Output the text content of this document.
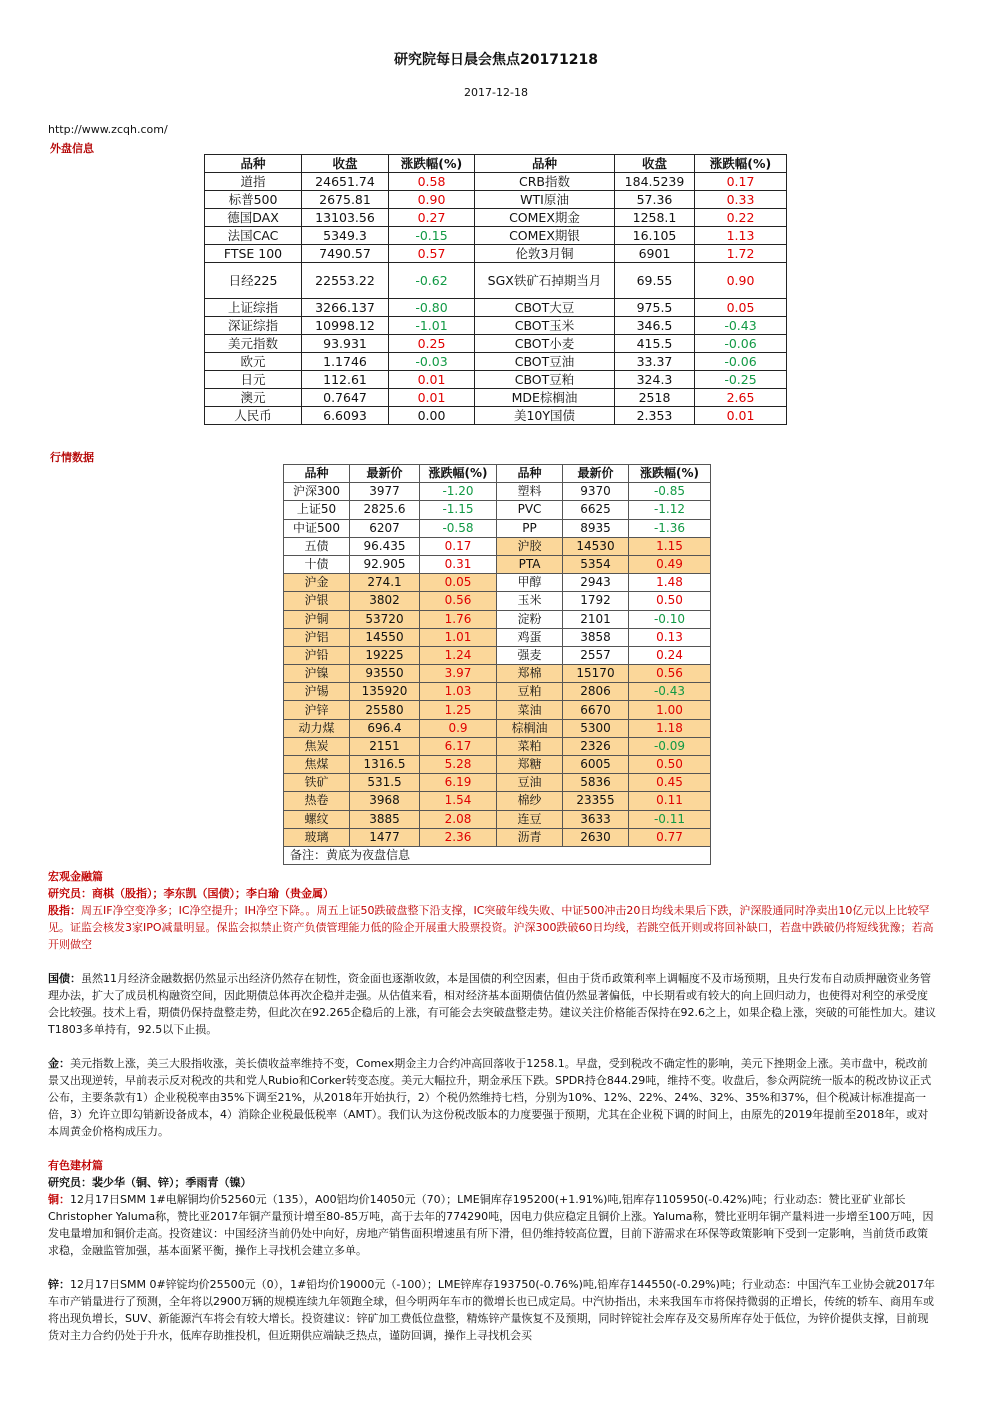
研究院每日晨会焦点20171218
2017-12-18
http://www.zcqh.com/
外盘信息
品种	收盘	涨跌幅(%)	品种	收盘	涨跌幅(%)
道指	24651.74	0.58	CRB指数	184.5239	0.17
标普500	2675.81	0.90	WTI原油	57.36	0.33
德国DAX	13103.56	0.27	COMEX期金	1258.1	0.22
法国CAC	5349.3	-0.15	COMEX期银	16.105	1.13
FTSE 100	7490.57	0.57	伦敦3月铜	6901	1.72
日经225	22553.22	-0.62	SGX铁矿石掉期当月	69.55	0.90
上证综指	3266.137	-0.80	CBOT大豆	975.5	0.05
深证综指	10998.12	-1.01	CBOT玉米	346.5	-0.43
美元指数	93.931	0.25	CBOT小麦	415.5	-0.06
欧元	1.1746	-0.03	CBOT豆油	33.37	-0.06
日元	112.61	0.01	CBOT豆粕	324.3	-0.25
澳元	0.7647	0.01	MDE棕榈油	2518	2.65
人民币	6.6093	0.00	美10Y国债	2.353	0.01
行情数据
品种	最新价	涨跌幅(%)	品种	最新价	涨跌幅(%)
沪深300	3977	-1.20	塑料	9370	-0.85
上证50	2825.6	-1.15	PVC	6625	-1.12
中证500	6207	-0.58	PP	8935	-1.36
五债	96.435	0.17	沪胶	14530	1.15
十债	92.905	0.31	PTA	5354	0.49
沪金	274.1	0.05	甲醇	2943	1.48
沪银	3802	0.56	玉米	1792	0.50
沪铜	53720	1.76	淀粉	2101	-0.10
沪铝	14550	1.01	鸡蛋	3858	0.13
沪铅	19225	1.24	强麦	2557	0.24
沪镍	93550	3.97	郑棉	15170	0.56
沪锡	135920	1.03	豆粕	2806	-0.43
沪锌	25580	1.25	菜油	6670	1.00
动力煤	696.4	0.9	棕榈油	5300	1.18
焦炭	2151	6.17	菜粕	2326	-0.09
焦煤	1316.5	5.28	郑糖	6005	0.50
铁矿	531.5	6.19	豆油	5836	0.45
热卷	3968	1.54	棉纱	23355	0.11
螺纹	3885	2.08	连豆	3633	-0.11
玻璃	1477	2.36	沥青	2630	0.77
备注：黄底为夜盘信息					

宏观金融篇

研究员：商棋（股指）；李东凯（国债）；李白瑜（贵金属）

股指：周五IF净空变净多；IC净空提升；IH净空下降。。周五上证50跌破盘整下沿支撑，IC突破年线失败、中证500冲击20日均线未果后下跌，沪深股通同时净卖出10亿元以上比较罕见。证监会核发3家IPO减量明显。保监会拟禁止资产负债管理能力低的险企开展重大股票投资。沪深300跌破60日均线，若跳空低开则或将回补缺口，若盘中跌破仍将短线犹豫；若高开则做空

国债：虽然11月经济金融数据仍然显示出经济仍然存在韧性，资金面也逐渐收敛，本是国债的利空因素，但由于货币政策利率上调幅度不及市场预期，且央行发布自动质押融资业务管理办法，扩大了成员机构融资空间，因此期债总体再次企稳并走强。从估值来看，相对经济基本面期债估值仍然显著偏低，中长期看或有较大的向上回归动力，也使得对利空的承受度会比较强。技术上看，期债仍保持盘整走势，但此次在92.265企稳后的上涨，有可能会去突破盘整走势。建议关注价格能否保持在92.6之上，如果企稳上涨，突破的可能性加大。建议T1803多单持有，92.5以下止损。

金：美元指数上涨，美三大股指收涨，美长债收益率维持不变，Comex期金主力合约冲高回落收于1258.1。早盘，受到税改不确定性的影响，美元下挫期金上涨。美市盘中，税改前景又出现逆转，早前表示反对税改的共和党人Rubio和Corker转变态度。美元大幅拉升，期金承压下跌。SPDR持仓844.29吨，维持不变。收盘后，参众两院统一版本的税改协议正式公布，主要条款有1）企业税税率由35%下调至21%，从2018年开始执行，2）个税仍然维持七档，分别为10%、12%、22%、24%、32%、35%和37%，但个税减计标准提高一倍，3）允许立即勾销新设备成本，4）消除企业税最低税率（AMT）。我们认为这份税改版本的力度要强于预期，尤其在企业税下调的时间上，由原先的2019年提前至2018年，或对本周黄金价格构成压力。

有色建材篇

研究员：裴少华（铜、锌）；季雨青（镍）

铜：12月17日SMM 1#电解铜均价52560元（135），A00铝均价14050元（70）；LME铜库存195200(+1.91%)吨,铝库存1105950(-0.42%)吨；行业动态：赞比亚矿业部长Christopher Yaluma称，赞比亚2017年铜产量预计增至80-85万吨，高于去年的774290吨，因电力供应稳定且铜价上涨。Yaluma称，赞比亚明年铜产量料进一步增至100万吨，因发电量增加和铜价走高。投资建议：中国经济当前仍处中向好，房地产销售面积增速虽有所下滑，但仍维持较高位置，目前下游需求在环保等政策影响下受到一定影响，当前货币政策求稳，金融监管加强，基本面紧平衡，操作上寻找机会建立多单。

锌：12月17日SMM 0#锌锭均价25500元（0），1#铅均价19000元（-100）；LME锌库存193750(-0.76%)吨,铅库存144550(-0.29%)吨；行业动态：中国汽车工业协会就2017年车市产销量进行了预测，全年将以2900万辆的规模连续九年领跑全球，但今明两年车市的微增长也已成定局。中汽协指出，未来我国车市将保持微弱的正增长，传统的轿车、商用车或将出现负增长，SUV、新能源汽车将会有较大增长。投资建议：锌矿加工费低位盘整，精炼锌产量恢复不及预期，同时锌锭社会库存及交易所库存处于低位，为锌价提供支撑，目前现货对主力合约仍处于升水，低库存助推投机，但近期供应端缺乏热点，谨防回调，操作上寻找机会买
